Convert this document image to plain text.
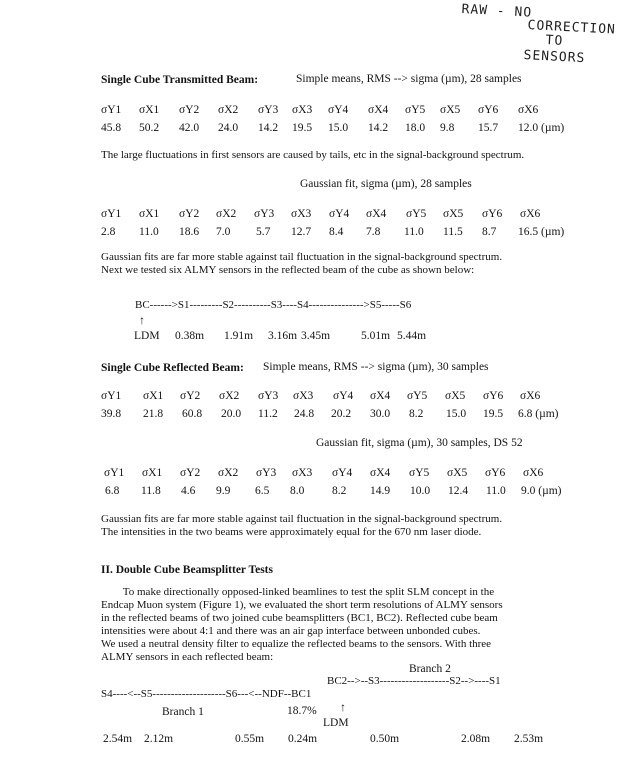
RAW - NO
CORRECTION
TO
SENSORS
Single Cube Transmitted Beam:	Simple means, RMS --> sigma (µm), 28 samples
σY1 σX1 σY2 σX2 σY3 σX3 σY4 σX4 σY5 σX5 σY6 σX6
45.8 50.2 42.0 24.0 14.2 19.5 15.0 14.2 18.0 9.8 15.7 12.0 (µm)
The large fluctuations in first sensors are caused by tails, etc in the signal-background spectrum.
Gaussian fit, sigma (µm), 28 samples
σY1 σX1 σY2 σX2 σY3 σX3 σY4 σX4 σY5 σX5 σY6 σX6
2.8 11.0 18.6 7.0 5.7 12.7 8.4 7.8 11.0 11.5 8.7 16.5 (µm)
Gaussian fits are far more stable against tail fluctuation in the signal-background spectrum.
Next we tested six ALMY sensors in the reflected beam of the cube as shown below:
BC------>S1---------S2----------S3----S4--------------->S5-----S6
↑
LDM 0.38m 1.91m 3.16m 3.45m	5.01m 5.44m
Single Cube Reflected Beam: Simple means, RMS --> sigma (µm), 30 samples
σY1 σX1 σY2 σX2 σY3 σX3 σY4 σX4 σY5 σX5 σY6 σX6
39.8 21.8 60.8 20.0 11.2 24.8 20.2 30.0 8.2 15.0 19.5 6.8 (µm)
Gaussian fit, sigma (µm), 30 samples, DS 52
σY1 σX1 σY2 σX2 σY3 σX3 σY4 σX4 σY5 σX5 σY6 σX6
6.8 11.8 4.6 9.9 6.5 8.0 8.2 14.9 10.0 12.4 11.0 9.0 (µm)
Gaussian fits are far more stable against tail fluctuation in the signal-background spectrum.
The intensities in the two beams were approximately equal for the 670 nm laser diode.
II. Double Cube Beamsplitter Tests
To make directionally opposed-linked beamlines to test the split SLM concept in the
Endcap Muon system (Figure 1), we evaluated the short term resolutions of ALMY sensors
in the reflected beams of two joined cube beamsplitters (BC1, BC2). Reflected cube beam
intensities were about 4:1 and there was an air gap interface between unbonded cubes.
We used a neutral density filter to equalize the reflected beams to the sensors. With three
ALMY sensors in each reflected beam:
Branch 2
BC2-->--S3-------------------S2-->----S1
S4----<--S5--------------------S6---<--NDF--BC1
Branch 1	18.7% ↑
LDM
2.54m 2.12m	0.55m 0.24m	0.50m	2.08m 2.53m
